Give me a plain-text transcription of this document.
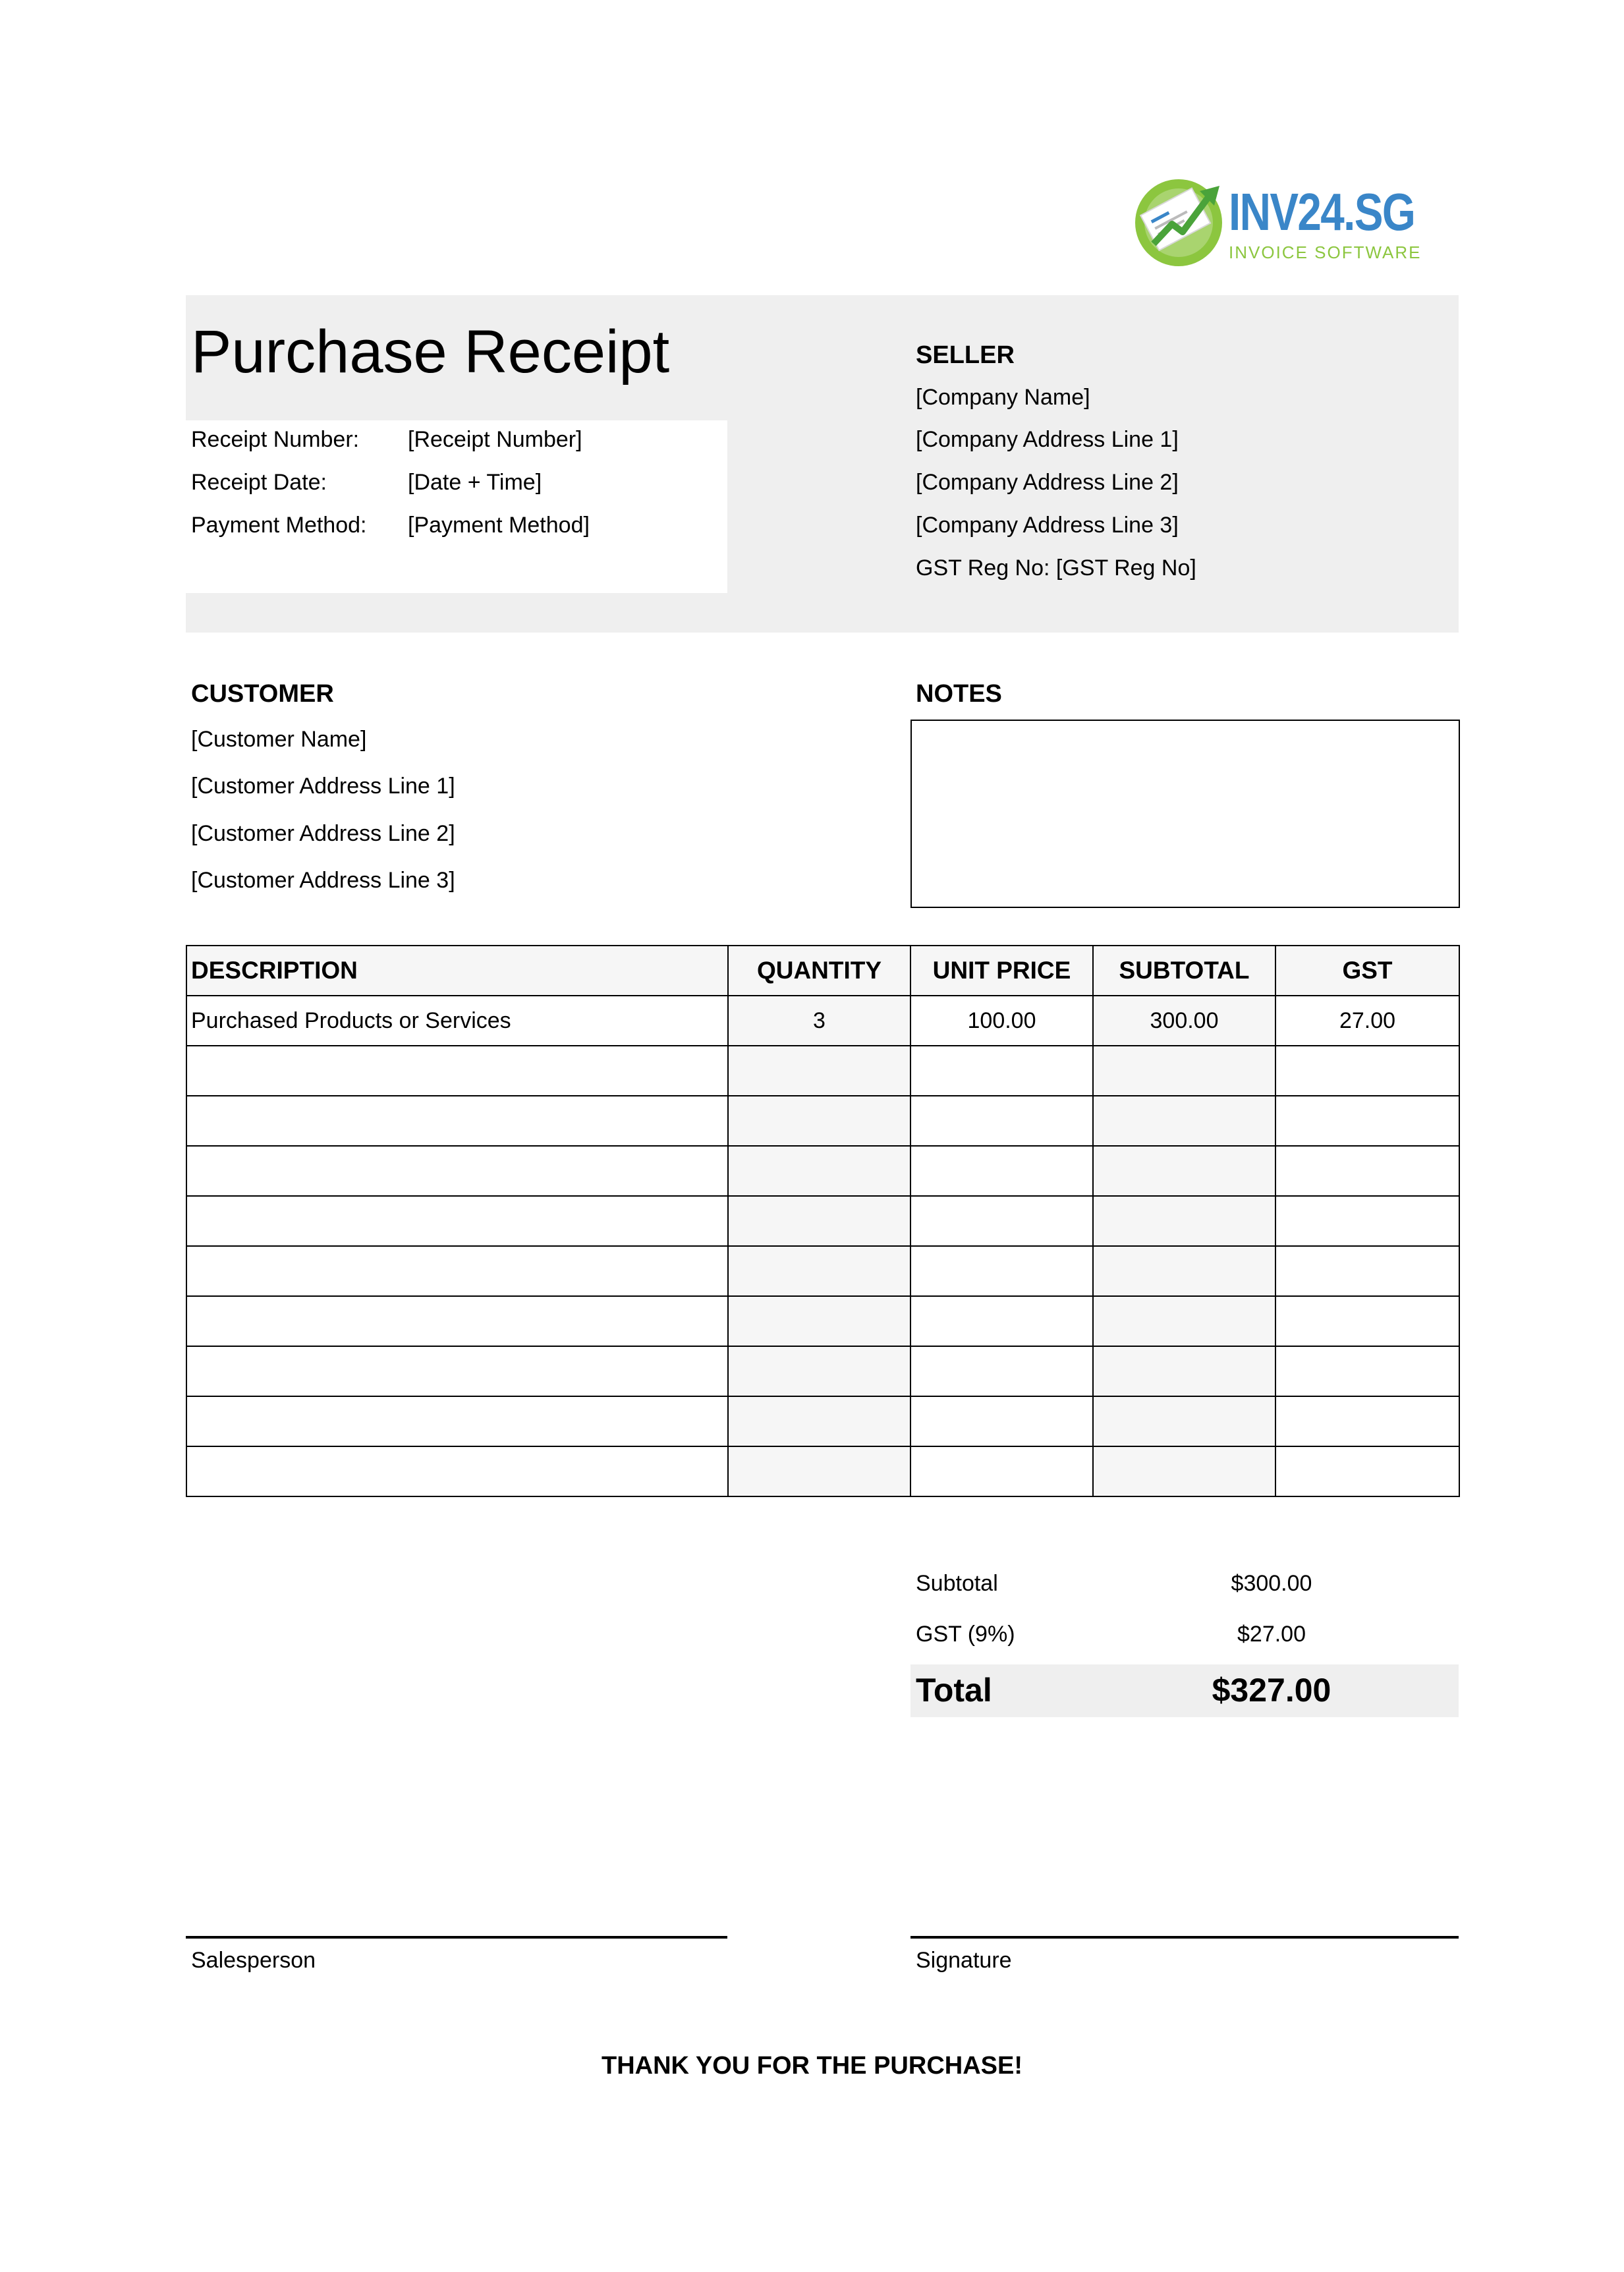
INV24.SG
INVOICE SOFTWARE
Purchase Receipt
Receipt Number: [Receipt Number]
Receipt Date:	[Date + Time]
Payment Method: [Payment Method]
SELLER
[Company Name]
[Company Address Line 1]
[Company Address Line 2]
[Company Address Line 3]
GST Reg No: [GST Reg No]
CUSTOMER
[Customer Name]
[Customer Address Line 1]
[Customer Address Line 2]
[Customer Address Line 3]
NOTES
DESCRIPTION	QUANTITY	UNIT PRICE	SUBTOTAL	GST
Purchased Products or Services	3	100.00	300.00	27.00

Subtotal	$300.00
GST (9%)	$27.00
Total	$327.00
Salesperson	Signature
THANK YOU FOR THE PURCHASE!
